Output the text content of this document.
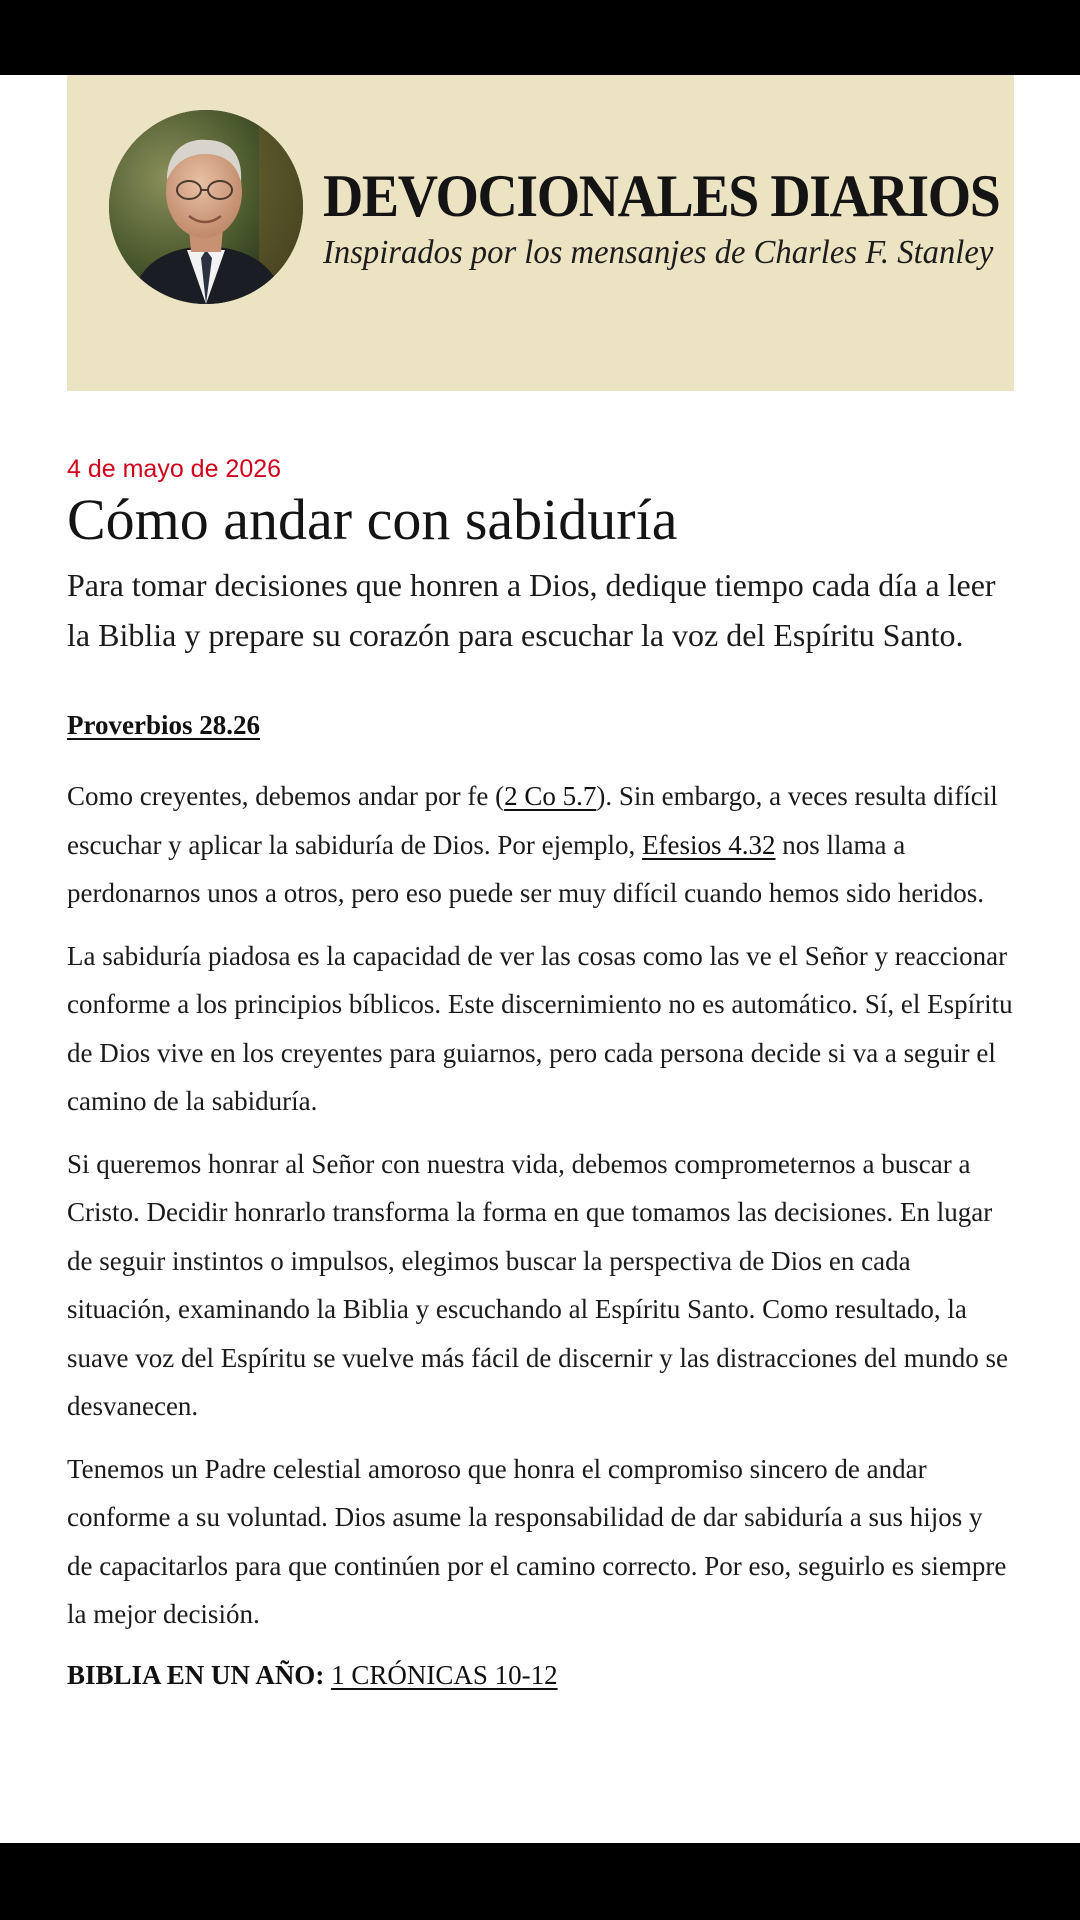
DEVOCIONALES DIARIOS
Inspirados por los mensanjes de Charles F. Stanley
4 de mayo de 2026
Cómo andar con sabiduría
Para tomar decisiones que honren a Dios, dedique tiempo cada día a leer la Biblia y prepare su corazón para escuchar la voz del Espíritu Santo.
Proverbios 28.26
Como creyentes, debemos andar por fe (2 Co 5.7). Sin embargo, a veces resulta difícil escuchar y aplicar la sabiduría de Dios. Por ejemplo, Efesios 4.32 nos llama a perdonarnos unos a otros, pero eso puede ser muy difícil cuando hemos sido heridos.
La sabiduría piadosa es la capacidad de ver las cosas como las ve el Señor y reaccionar conforme a los principios bíblicos. Este discernimiento no es automático. Sí, el Espíritu de Dios vive en los creyentes para guiarnos, pero cada persona decide si va a seguir el camino de la sabiduría.
Si queremos honrar al Señor con nuestra vida, debemos comprometernos a buscar a Cristo. Decidir honrarlo transforma la forma en que tomamos las decisiones. En lugar de seguir instintos o impulsos, elegimos buscar la perspectiva de Dios en cada situación, examinando la Biblia y escuchando al Espíritu Santo. Como resultado, la suave voz del Espíritu se vuelve más fácil de discernir y las distracciones del mundo se desvanecen.
Tenemos un Padre celestial amoroso que honra el compromiso sincero de andar conforme a su voluntad. Dios asume la responsabilidad de dar sabiduría a sus hijos y de capacitarlos para que continúen por el camino correcto. Por eso, seguirlo es siempre la mejor decisión.
BIBLIA EN UN AÑO: 1 CRÓNICAS 10-12
